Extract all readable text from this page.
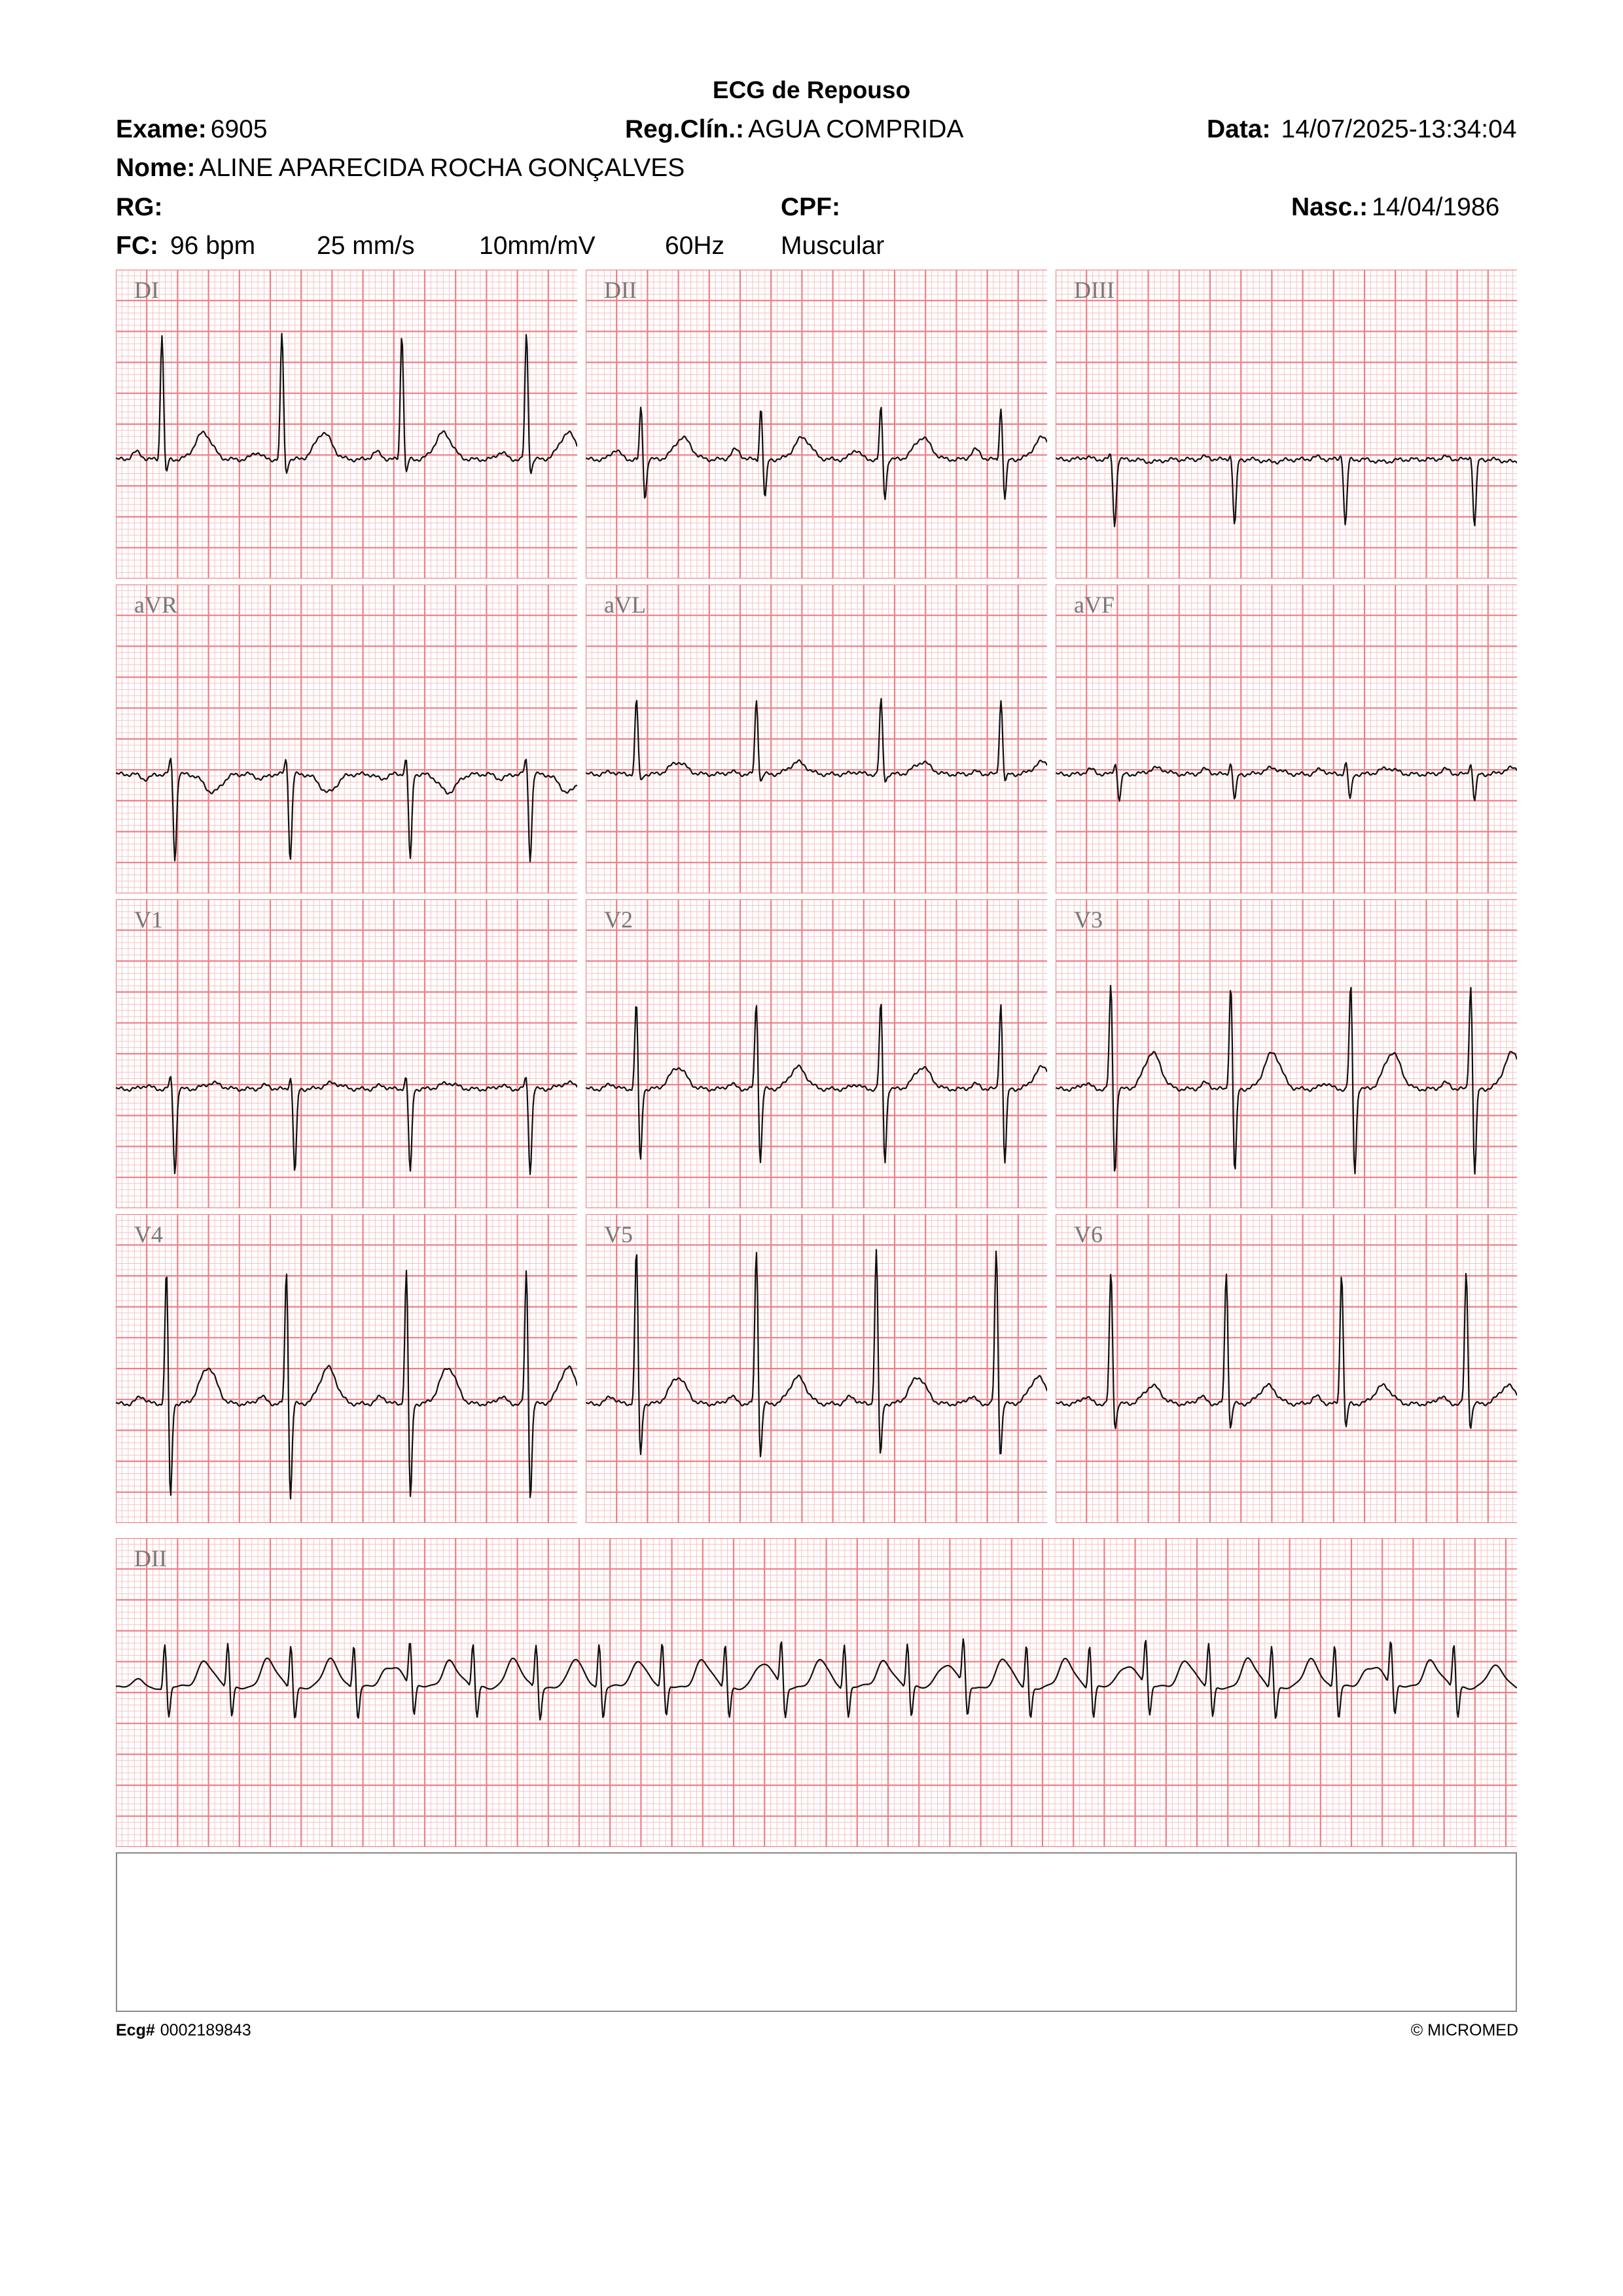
ECG de Repouso
Exame: 6905	Reg.Clín.: AGUA COMPRIDA	Data: 14/07/2025-13:34:04
Nome: ALINE APARECIDA ROCHA GONÇALVES
RG:	CPF:	Nasc.: 14/04/1986
FC: 96 bpm 25 mm/s	10mm/mV	60Hz Muscular
DI	DII	DIII
aVR	aVL	aVF
V1	V2	V3
V4	V5	V6
DII
Ecg# 0002189843	© MICROMED
